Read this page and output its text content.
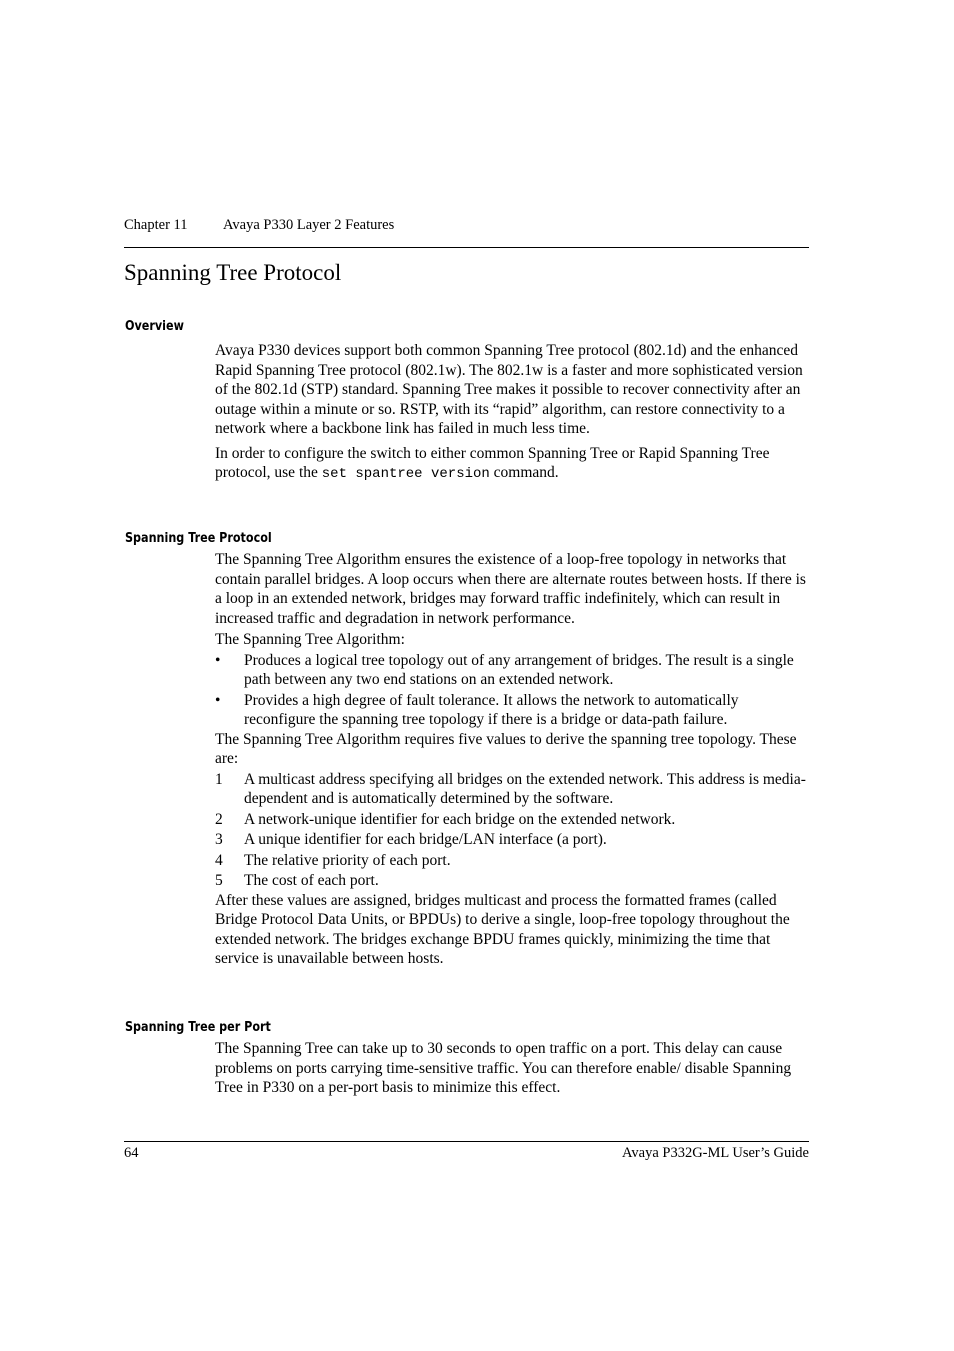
Chapter 11 Avaya P330 Layer 2 Features
Spanning Tree Protocol
Overview

Avaya P330 devices support both common Spanning Tree protocol (802.1d) and the enhanced Rapid Spanning Tree protocol (802.1w). The 802.1w is a faster and more sophisticated version of the 802.1d (STP) standard. Spanning Tree makes it possible to recover connectivity after an outage within a minute or so. RSTP, with its “rapid” algorithm, can restore connectivity to a network where a backbone link has failed in much less time.

In order to configure the switch to either common Spanning Tree or Rapid Spanning Tree protocol, use the set spantree version command.

Spanning Tree Protocol

The Spanning Tree Algorithm ensures the existence of a loop-free topology in networks that contain parallel bridges. A loop occurs when there are alternate routes between hosts. If there is a loop in an extended network, bridges may forward traffic indefinitely, which can result in increased traffic and degradation in network performance.

The Spanning Tree Algorithm:

• Produces a logical tree topology out of any arrangement of bridges. The result is a single path between any two end stations on an extended network.
• Provides a high degree of fault tolerance. It allows the network to automatically reconfigure the spanning tree topology if there is a bridge or data-path failure.

The Spanning Tree Algorithm requires five values to derive the spanning tree topology. These are:

1 A multicast address specifying all bridges on the extended network. This address is media-dependent and is automatically determined by the software.
2 A network-unique identifier for each bridge on the extended network.
3 A unique identifier for each bridge/LAN interface (a port).
4 The relative priority of each port.
5 The cost of each port.

After these values are assigned, bridges multicast and process the formatted frames (called Bridge Protocol Data Units, or BPDUs) to derive a single, loop-free topology throughout the extended network. The bridges exchange BPDU frames quickly, minimizing the time that service is unavailable between hosts.

Spanning Tree per Port

The Spanning Tree can take up to 30 seconds to open traffic on a port. This delay can cause problems on ports carrying time-sensitive traffic. You can therefore enable/ disable Spanning Tree in P330 on a per-port basis to minimize this effect.

64	Avaya P332G-ML User’s Guide
